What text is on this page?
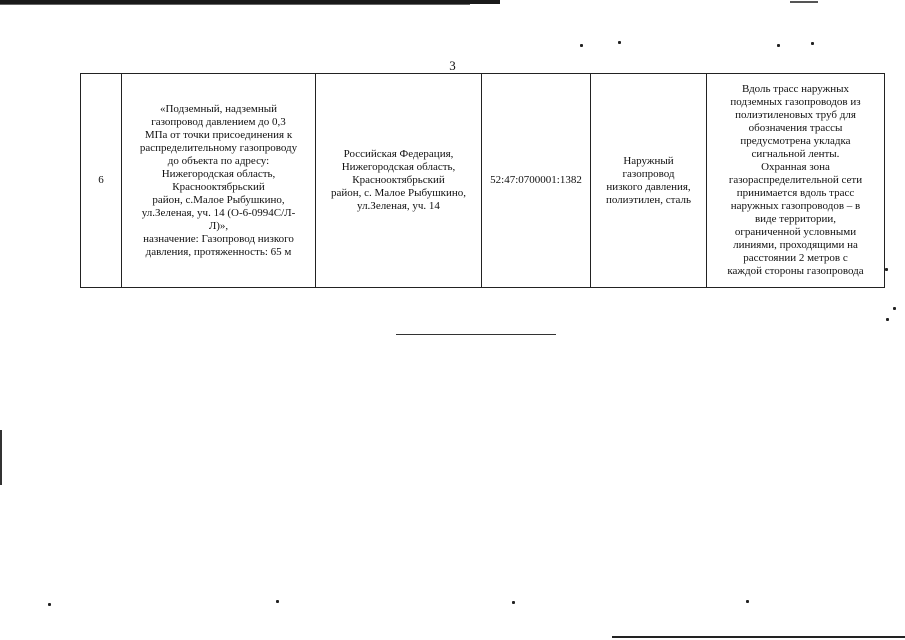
3
6	«Подземный, надземный
газопровод давлением до 0,3
МПа от точки присоединения к
распределительному газопроводу
до объекта по адресу:
Нижегородская область,
Краснооктябрьский
район, с.Малое Рыбушкино,
ул.Зеленая, уч. 14 (О-6-0994С/Л-
Л)»,
назначение: Газопровод низкого
давления, протяженность: 65 м	Российская Федерация,
Нижегородская область,
Краснооктябрьский
район, с. Малое Рыбушкино,
ул.Зеленая, уч. 14	52:47:0700001:1382	Наружный
газопровод
низкого давления,
полиэтилен, сталь	Вдоль трасс наружных
подземных газопроводов из
полиэтиленовых труб для
обозначения трассы
предусмотрена укладка
сигнальной ленты.
Охранная зона
газораспределительной сети
принимается вдоль трасс
наружных газопроводов – в
виде территории,
ограниченной условными
линиями, проходящими на
расстоянии 2 метров с
каждой стороны газопровода
